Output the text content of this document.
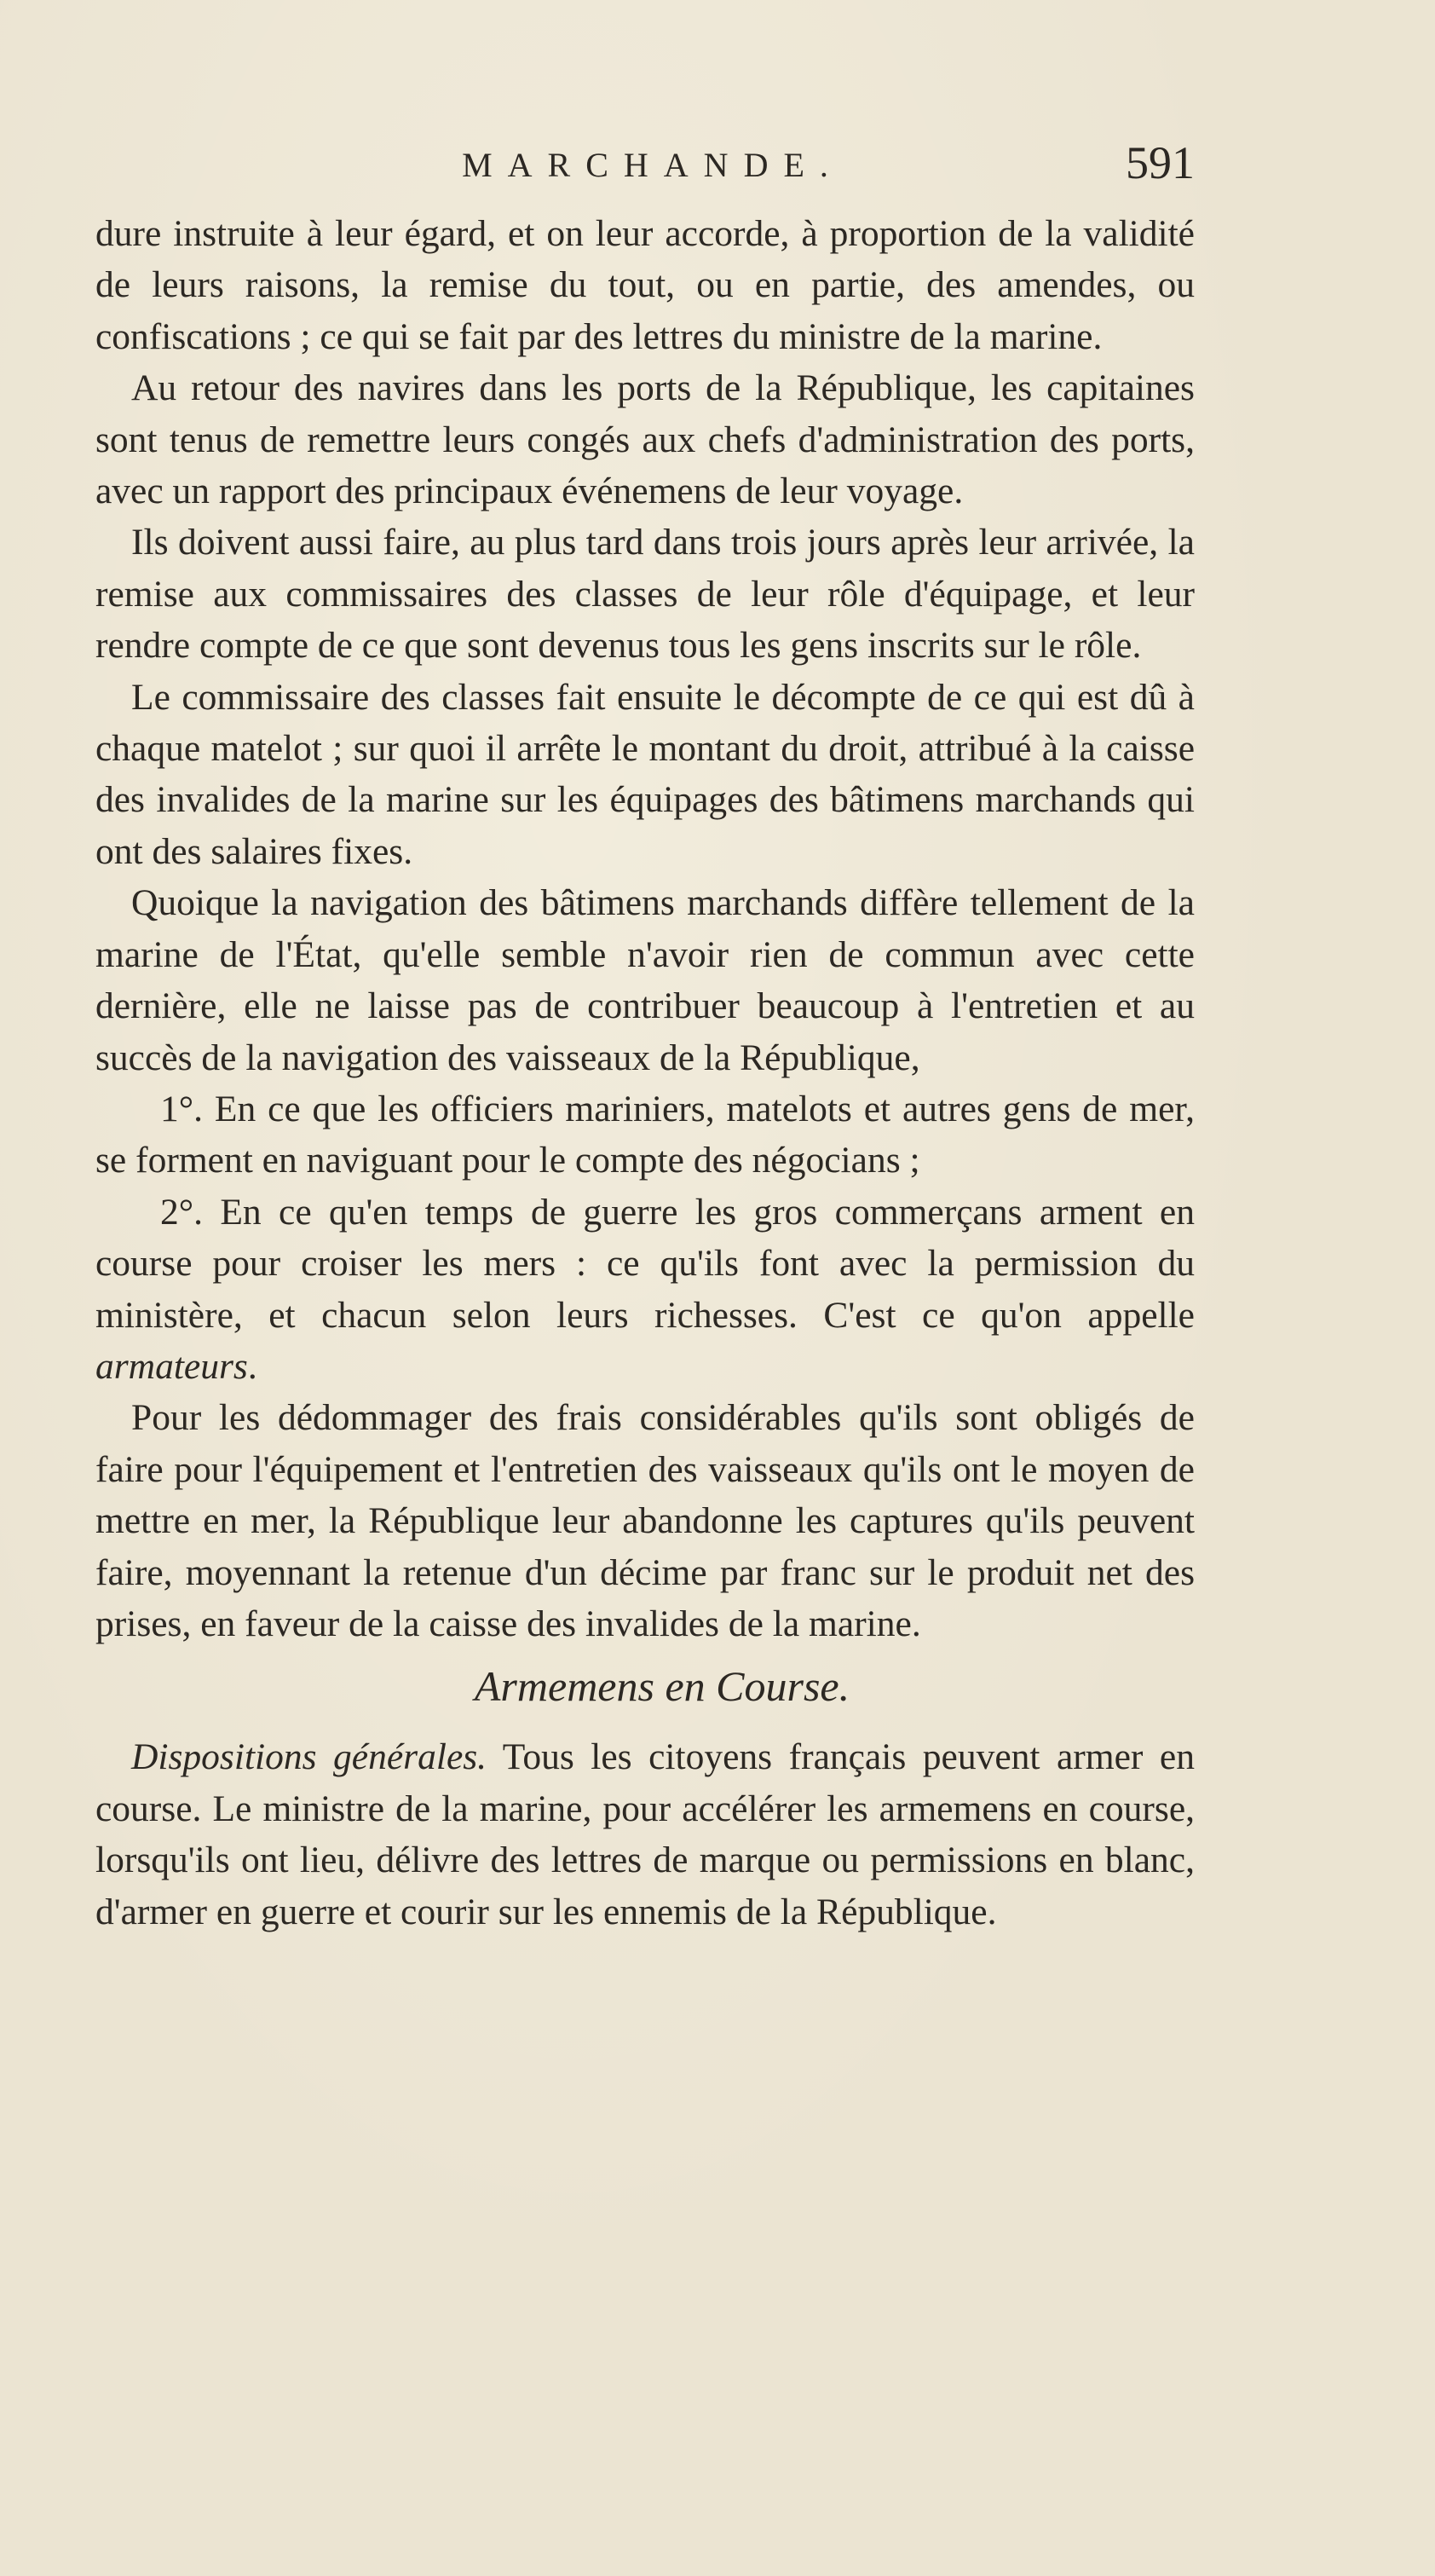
MARCHANDE.	591

dure instruite à leur égard, et on leur accorde, à proportion de la validité de leurs raisons, la remise du tout, ou en partie, des amendes, ou confiscations ; ce qui se fait par des lettres du ministre de la marine.

Au retour des navires dans les ports de la République, les capitaines sont tenus de remettre leurs congés aux chefs d'administration des ports, avec un rapport des principaux événemens de leur voyage.

Ils doivent aussi faire, au plus tard dans trois jours après leur arrivée, la remise aux commissaires des classes de leur rôle d'équipage, et leur rendre compte de ce que sont devenus tous les gens inscrits sur le rôle.

Le commissaire des classes fait ensuite le décompte de ce qui est dû à chaque matelot ; sur quoi il arrête le montant du droit, attribué à la caisse des invalides de la marine sur les équipages des bâtimens marchands qui ont des salaires fixes.

Quoique la navigation des bâtimens marchands diffère tellement de la marine de l'État, qu'elle semble n'avoir rien de commun avec cette dernière, elle ne laisse pas de contribuer beaucoup à l'entretien et au succès de la navigation des vaisseaux de la République,

1°. En ce que les officiers mariniers, matelots et autres gens de mer, se forment en naviguant pour le compte des négocians ;

2°. En ce qu'en temps de guerre les gros commerçans arment en course pour croiser les mers : ce qu'ils font avec la permission du ministère, et chacun selon leurs richesses. C'est ce qu'on appelle armateurs.

Pour les dédommager des frais considérables qu'ils sont obligés de faire pour l'équipement et l'entretien des vaisseaux qu'ils ont le moyen de mettre en mer, la République leur abandonne les captures qu'ils peuvent faire, moyennant la retenue d'un décime par franc sur le produit net des prises, en faveur de la caisse des invalides de la marine.

Armemens en Course.

Dispositions générales. Tous les citoyens français peuvent armer en course. Le ministre de la marine, pour accélérer les armemens en course, lorsqu'ils ont lieu, délivre des lettres de marque ou permissions en blanc, d'armer en guerre et courir sur les ennemis de la République.
